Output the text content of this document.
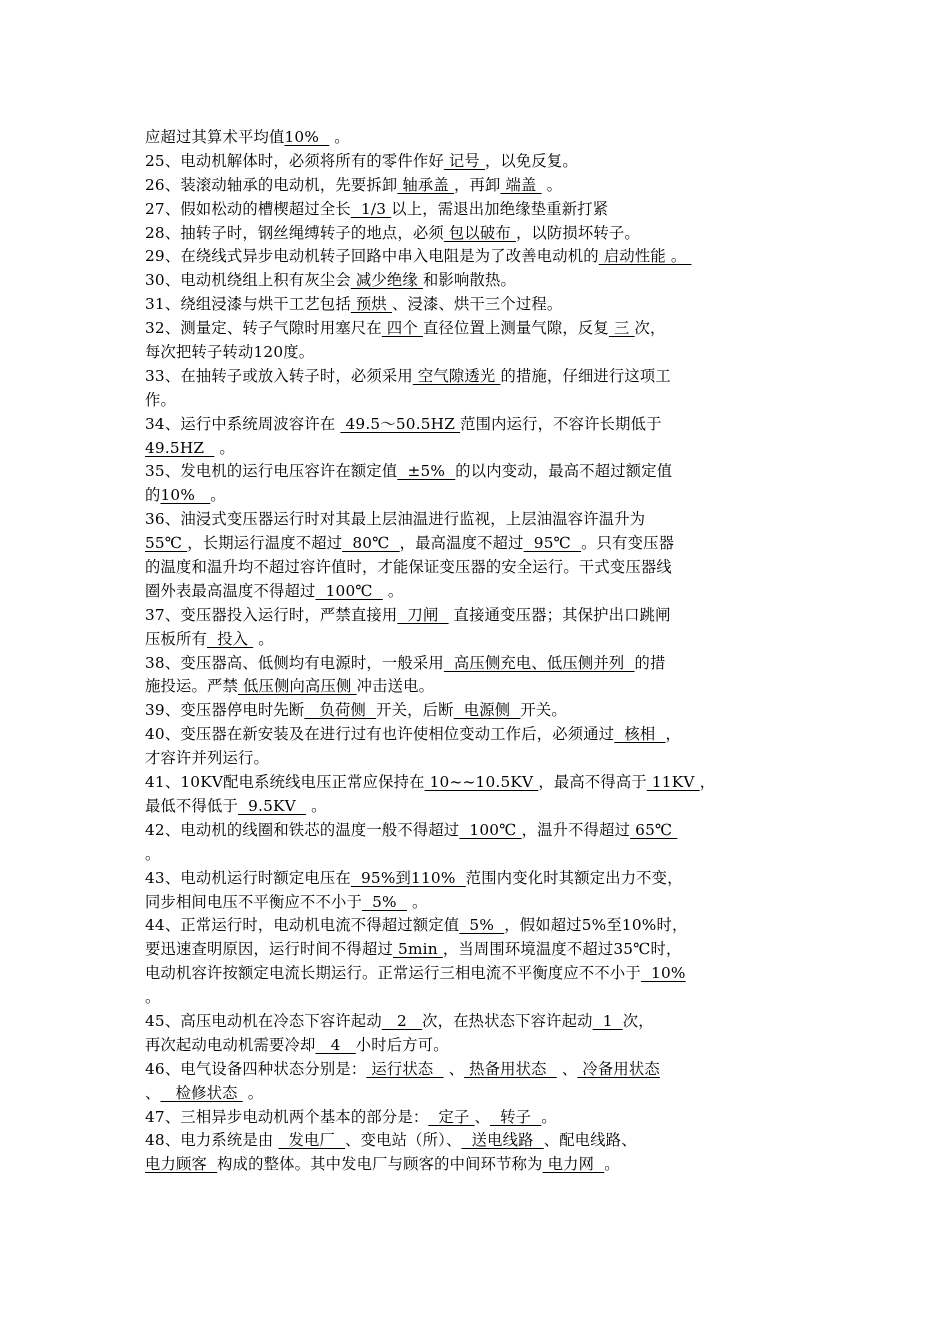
应超过其算术平均值10%   。
25、电动机解体时，必须将所有的零件作好 记号 ，以免反复。
26、装滚动轴承的电动机，先要拆卸 轴承盖 ，再卸 端盖  。
27、假如松动的槽楔超过全长  1/3 以上，需退出加绝缘垫重新打紧
28、抽转子时，钢丝绳缚转子的地点，必须 包以破布 ，以防损坏转子。
29、在绕线式异步电动机转子回路中串入电阻是为了改善电动机的 启动性能 。
30、电动机绕组上积有灰尘会 减少绝缘 和影响散热。
31、绕组浸漆与烘干工艺包括 预烘 、浸漆、烘干三个过程。
32、测量定、转子气隙时用塞尺在 四个 直径位置上测量气隙，反复 三 次，
每次把转子转动120度。
33、在抽转子或放入转子时，必须采用 空气隙透光 的措施，仔细进行这项工
作。
34、运行中系统周波容许在  49.5～50.5HZ 范围内运行，不容许长期低于
49.5HZ   。
35、发电机的运行电压容许在额定值  ±5%  的以内变动，最高不超过额定值
的10%   。
36、油浸式变压器运行时对其最上层油温进行监视，上层油温容许温升为
55℃ ，长期运行温度不超过  80℃  ，最高温度不超过  95℃  。只有变压器
的温度和温升均不超过容许值时，才能保证变压器的安全运行。干式变压器线
圈外表最高温度不得超过  100℃   。
37、变压器投入运行时，严禁直接用  刀闸   直接通变压器；其保护出口跳闸
压板所有  投入  。
38、变压器高、低侧均有电源时，一般采用  高压侧充电、低压侧并列  的措
施投运。严禁 低压侧向高压侧 冲击送电。
39、变压器停电时先断   负荷侧  开关，后断  电源侧  开关。
40、变压器在新安装及在进行过有也许使相位变动工作后，必须通过  核相  ，
才容许并列运行。
41、10KV配电系统线电压正常应保持在 10~~10.5KV ，最高不得高于 11KV ，
最低不得低于  9.5KV   。
42、电动机的线圈和铁芯的温度一般不得超过  100℃ ，温升不得超过 65℃
。
43、电动机运行时额定电压在  95%到110%  范围内变化时其额定出力不变，
同步相间电压不平衡应不不小于  5%   。
44、正常运行时，电动机电流不得超过额定值  5%  ，假如超过5%至10%时，
要迅速查明原因，运行时间不得超过 5min ，当周围环境温度不超过35℃时，
电动机容许按额定电流长期运行。正常运行三相电流不平衡度应不不小于  10%
。
45、高压电动机在冷态下容许起动   2   次，在热状态下容许起动  1  次，
再次起动电动机需要冷却   4   小时后方可。
46、电气设备四种状态分别是： 运行状态   、 热备用状态   、 冷备用状态
、   检修状态  。
47、三相异步电动机两个基本的部分是：  定子 、  转子  。
48、电力系统是由   发电厂  、变电站（所）、  送电线路  、配电线路、
电力顾客  构成的整体。其中发电厂与顾客的中间环节称为 电力网  。
